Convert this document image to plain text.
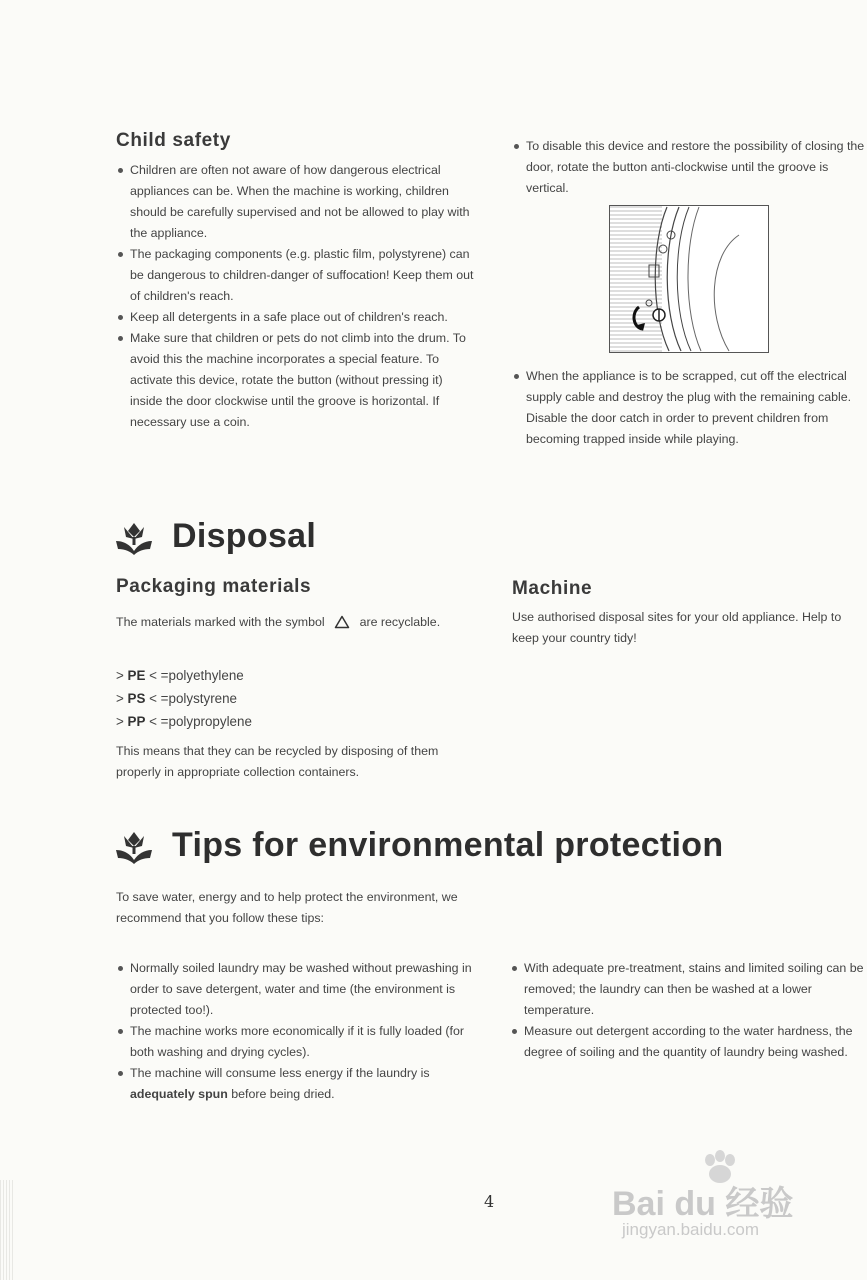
Child safety
Children are often not aware of how dangerous electrical appliances can be. When the machine is working, children should be carefully supervised and not be allowed to play with the appliance.
The packaging components (e.g. plastic film, polystyrene) can be dangerous to children-danger of suffocation! Keep them out of children's reach.
Keep all detergents in a safe place out of children's reach.
Make sure that children or pets do not climb into the drum. To avoid this the machine incorporates a special feature. To activate this device, rotate the button (without pressing it) inside the door clockwise until the groove is horizontal. If necessary use a coin.
To disable this device and restore the possibility of closing the door, rotate the button anti-clockwise until the groove is vertical.
When the appliance is to be scrapped, cut off the electrical supply cable and destroy the plug with the remaining cable. Disable the door catch in order to prevent children from becoming trapped inside while playing.
Disposal
Packaging materials

The materials marked with the symbol	are recyclable.

> PE < =polyethylene
> PS < =polystyrene
> PP < =polypropylene

This means that they can be recycled by disposing of them properly in appropriate collection containers.

Machine

Use authorised disposal sites for your old appliance. Help to keep your country tidy!

Tips for environmental protection

To save water, energy and to help protect the environment, we recommend that you follow these tips:

Normally soiled laundry may be washed without prewashing in order to save detergent, water and time (the environment is protected too!).
The machine works more economically if it is fully loaded (for both washing and drying cycles).
The machine will consume less energy if the laundry is adequately spun before being dried.
With adequate pre-treatment, stains and limited soiling can be removed; the laundry can then be washed at a lower temperature.
Measure out detergent according to the water hardness, the degree of soiling and the quantity of laundry being washed.
4	Bai du 经验
jingyan.baidu.com
